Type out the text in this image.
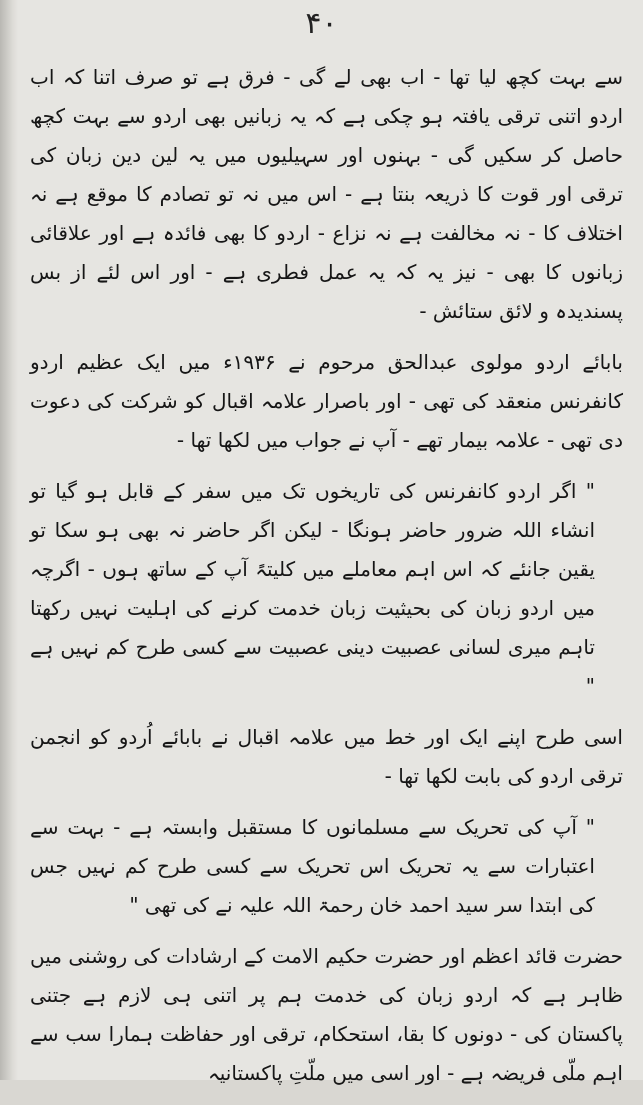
۴۰

سے بہت کچھ لیا تھا - اب بھی لے گی - فرق ہے تو صرف اتنا کہ اب اردو اتنی ترقی یافتہ ہو چکی ہے کہ یہ زبانیں بھی اردو سے بہت کچھ حاصل کر سکیں گی - بہنوں اور سہیلیوں میں یہ لین دین زبان کی ترقی اور قوت کا ذریعہ بنتا ہے - اس میں نہ تو تصادم کا موقع ہے نہ اختلاف کا - نہ مخالفت ہے نہ نزاع - اردو کا بھی فائدہ ہے اور علاقائی زبانوں کا بھی - نیز یہ کہ یہ عمل فطری ہے - اور اس لئے از بس پسندیدہ و لائق ستائش -

بابائے اردو مولوی عبدالحق مرحوم نے ۱۹۳۶ء میں ایک عظیم اردو کانفرنس منعقد کی تھی - اور باصرار علامہ اقبال کو شرکت کی دعوت دی تھی - علامہ بیمار تھے - آپ نے جواب میں لکھا تھا -

" اگر اردو کانفرنس کی تاریخوں تک میں سفر کے قابل ہو گیا تو انشاء اللہ ضرور حاضر ہونگا - لیکن اگر حاضر نہ بھی ہو سکا تو یقین جانئے کہ اس اہم معاملے میں کلیتہً آپ کے ساتھ ہوں - اگرچہ میں اردو زبان کی بحیثیت زبان خدمت کرنے کی اہلیت نہیں رکھتا تاہم میری لسانی عصبیت دینی عصبیت سے کسی طرح کم نہیں ہے "

اسی طرح اپنے ایک اور خط میں علامہ اقبال نے بابائے اُردو کو انجمن ترقی اردو کی بابت لکھا تھا -

" آپ کی تحریک سے مسلمانوں کا مستقبل وابستہ ہے - بہت سے اعتبارات سے یہ تحریک اس تحریک سے کسی طرح کم نہیں جس کی ابتدا سر سید احمد خان رحمۃ اللہ علیہ نے کی تھی "

حضرت قائد اعظم اور حضرت حکیم الامت کے ارشادات کی روشنی میں ظاہر ہے کہ اردو زبان کی خدمت ہم پر اتنی ہی لازم ہے جتنی پاکستان کی - دونوں کا بقا، استحکام، ترقی اور حفاظت ہمارا سب سے اہم ملّی فریضہ ہے - اور اسی میں ملّتِ پاکستانیہ
